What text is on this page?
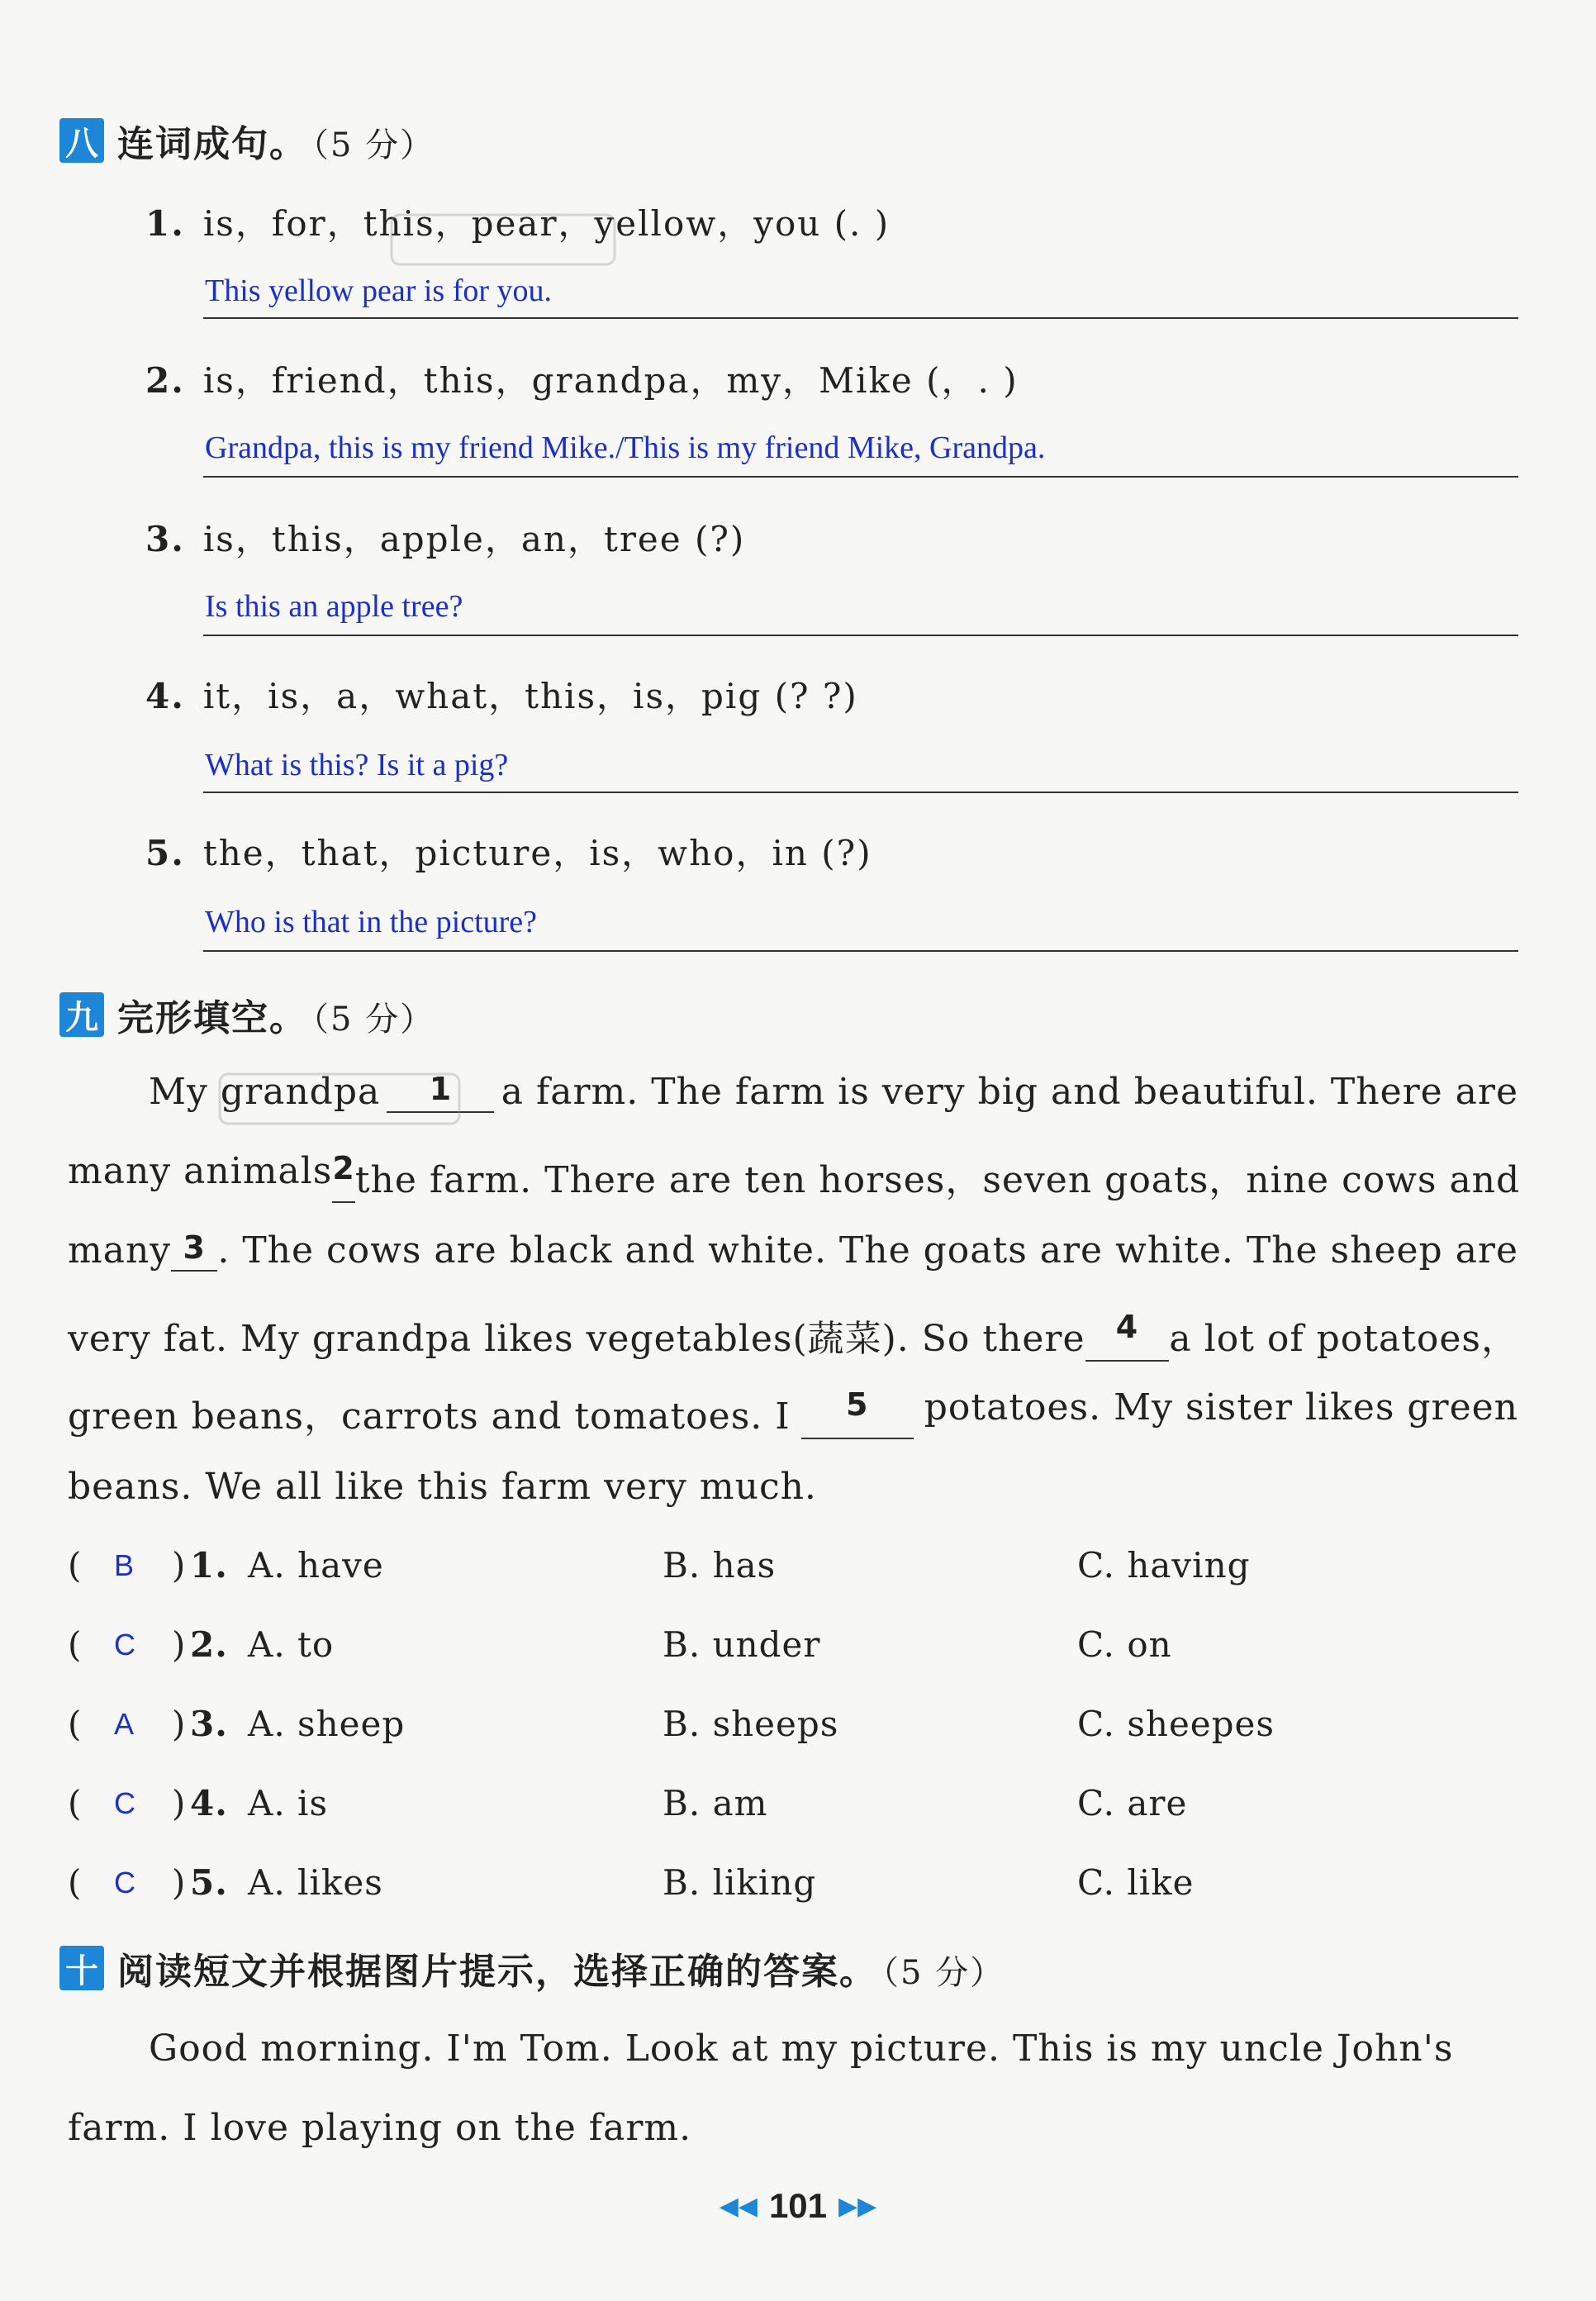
八 连词成句。 （5 分）
1. is，for，this，pear，yellow，you (. )
This yellow pear is for you.
2. is，friend，this，grandpa，my，Mike (，. )
Grandpa, this is my friend Mike./This is my friend Mike, Grandpa.
3. is，this，apple，an，tree (?)
Is this an apple tree?
4. it，is，a，what，this，is，pig (? ?)
What is this? Is it a pig?
5. the，that，picture，is，who，in (?)
Who is that in the picture?
九 完形填空。 （5 分）
My grandpa	1	a farm. The farm is very big and beautiful. There are
many animals 2 the farm. There are ten horses，seven goats，nine cows and
many 3 . The cows are black and white. The goats are white. The sheep are
very fat. My grandpa likes vegetables(蔬菜). So there 4 a lot of potatoes，
green beans，carrots and tomatoes. I	5	potatoes. My sister likes green
beans. We all like this farm very much.
( B ) 1. A. have	B. has	C. having
( C ) 2. A. to	B. under	C. on
( A ) 3. A. sheep	B. sheeps	C. sheepes
( C ) 4. A. is	B. am	C. are
( C ) 5. A. likes	B. liking	C. like
十 阅读短文并根据图片提示，选择正确的答案。 （5 分）
Good morning. I'm Tom. Look at my picture. This is my uncle John's
farm. I love playing on the farm.
◀◀ 101 ▶▶
